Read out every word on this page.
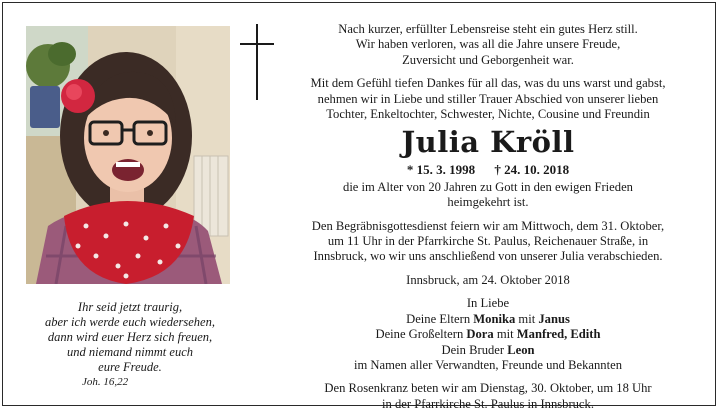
Nach kurzer, erfüllter Lebensreise steht ein gutes Herz still.

Wir haben verloren, was all die Jahre unsere Freude,

Zuversicht und Geborgenheit war.

Mit dem Gefühl tiefen Dankes für all das, was du uns warst und gabst,

nehmen wir in Liebe und stiller Trauer Abschied von unserer lieben

Tochter, Enkeltochter, Schwester, Nichte, Cousine und Freundin

Julia Kröll
* 15. 3. 1998 † 24. 10. 2018

die im Alter von 20 Jahren zu Gott in den ewigen Frieden

heimgekehrt ist.

Den Begräbnisgottesdienst feiern wir am Mittwoch, dem 31. Oktober,

um 11 Uhr in der Pfarrkirche St. Paulus, Reichenauer Straße, in

Innsbruck, wo wir uns anschließend von unserer Julia verabschieden.

Innsbruck, am 24. Oktober 2018

In Liebe

Deine Eltern Monika mit Janus

Deine Großeltern Dora mit Manfred, Edith

Dein Bruder Leon

im Namen aller Verwandten, Freunde und Bekannten

Den Rosenkranz beten wir am Dienstag, 30. Oktober, um 18 Uhr

in der Pfarrkirche St. Paulus in Innsbruck.

Ihr seid jetzt traurig,
aber ich werde euch wiedersehen,
dann wird euer Herz sich freuen,
und niemand nimmt euch
eure Freude.
Joh. 16,22
